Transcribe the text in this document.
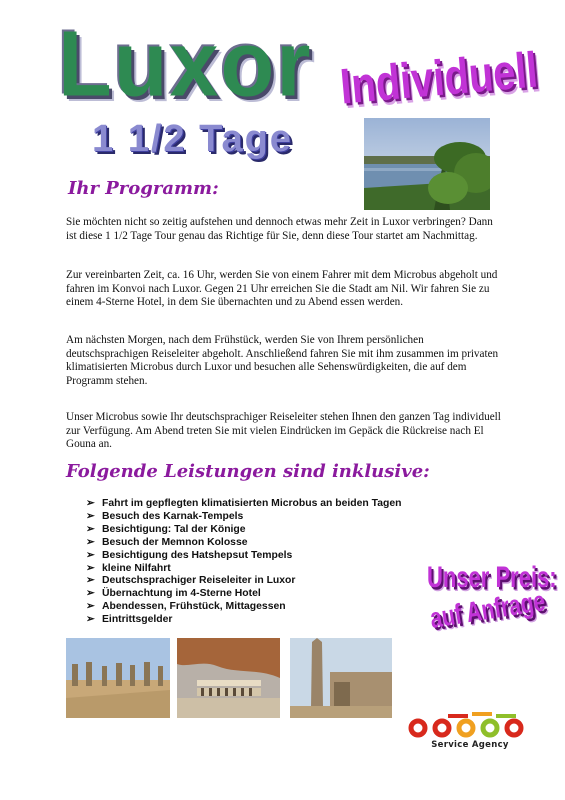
Luxor Individuell
1 1/2 Tage
Ihr Programm:
Sie möchten nicht so zeitig aufstehen und dennoch etwas mehr Zeit in Luxor verbringen? Dann ist diese 1 1/2 Tage Tour genau das Richtige für Sie, denn diese Tour startet am Nachmittag.
Zur vereinbarten Zeit, ca. 16 Uhr, werden Sie von einem Fahrer mit dem Microbus abgeholt und fahren im Konvoi nach Luxor. Gegen 21 Uhr erreichen Sie die Stadt am Nil. Wir fahren Sie zu einem 4-Sterne Hotel, in dem Sie übernachten und zu Abend essen werden.
Am nächsten Morgen, nach dem Frühstück, werden Sie von Ihrem persönlichen deutschsprachigen Reiseleiter abgeholt. Anschließend fahren Sie mit ihm zusammen im privaten klimatisierten Microbus durch Luxor und besuchen alle Sehenswürdigkeiten, die auf dem Programm stehen.
Unser Microbus sowie Ihr deutschsprachiger Reiseleiter stehen Ihnen den ganzen Tag individuell zur Verfügung. Am Abend treten Sie mit vielen Eindrücken im Gepäck die Rückreise nach El Gouna an.
Folgende Leistungen sind inklusive:
➢ Fahrt im gepflegten klimatisierten Microbus an beiden Tagen
➢ Besuch des Karnak-Tempels
➢ Besichtigung: Tal der Könige
➢ Besuch der Memnon Kolosse
➢ Besichtigung des Hatshepsut Tempels
➢ kleine Nilfahrt
➢ Deutschsprachiger Reiseleiter in Luxor
➢ Übernachtung im 4-Sterne Hotel
➢ Abendessen, Frühstück, Mittagessen
➢ Eintrittsgelder
Unser Preis:
auf Anfrage
Service Agency
